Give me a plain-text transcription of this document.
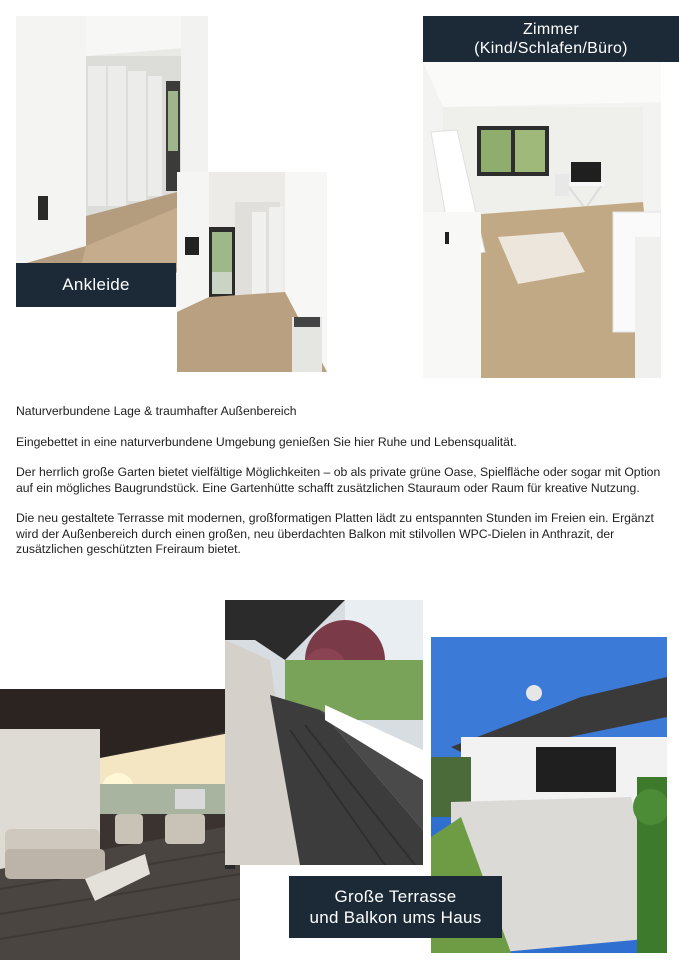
Ankleide
Zimmer
(Kind/Schlafen/Büro)

Naturverbundene Lage & traumhafter Außenbereich

Eingebettet in eine naturverbundene Umgebung genießen Sie hier Ruhe und Lebensqualität.

Der herrlich große Garten bietet vielfältige Möglichkeiten – ob als private grüne Oase, Spielfläche oder sogar mit Option auf ein mögliches Baugrundstück. Eine Gartenhütte schafft zusätzlichen Stauraum oder Raum für kreative Nutzung.

Die neu gestaltete Terrasse mit modernen, großformatigen Platten lädt zu entspannten Stunden im Freien ein. Ergänzt wird der Außenbereich durch einen großen, neu überdachten Balkon mit stilvollen WPC-Dielen in Anthrazit, der zusätzlichen geschützten Freiraum bietet.

Große Terrasse
und Balkon ums Haus
